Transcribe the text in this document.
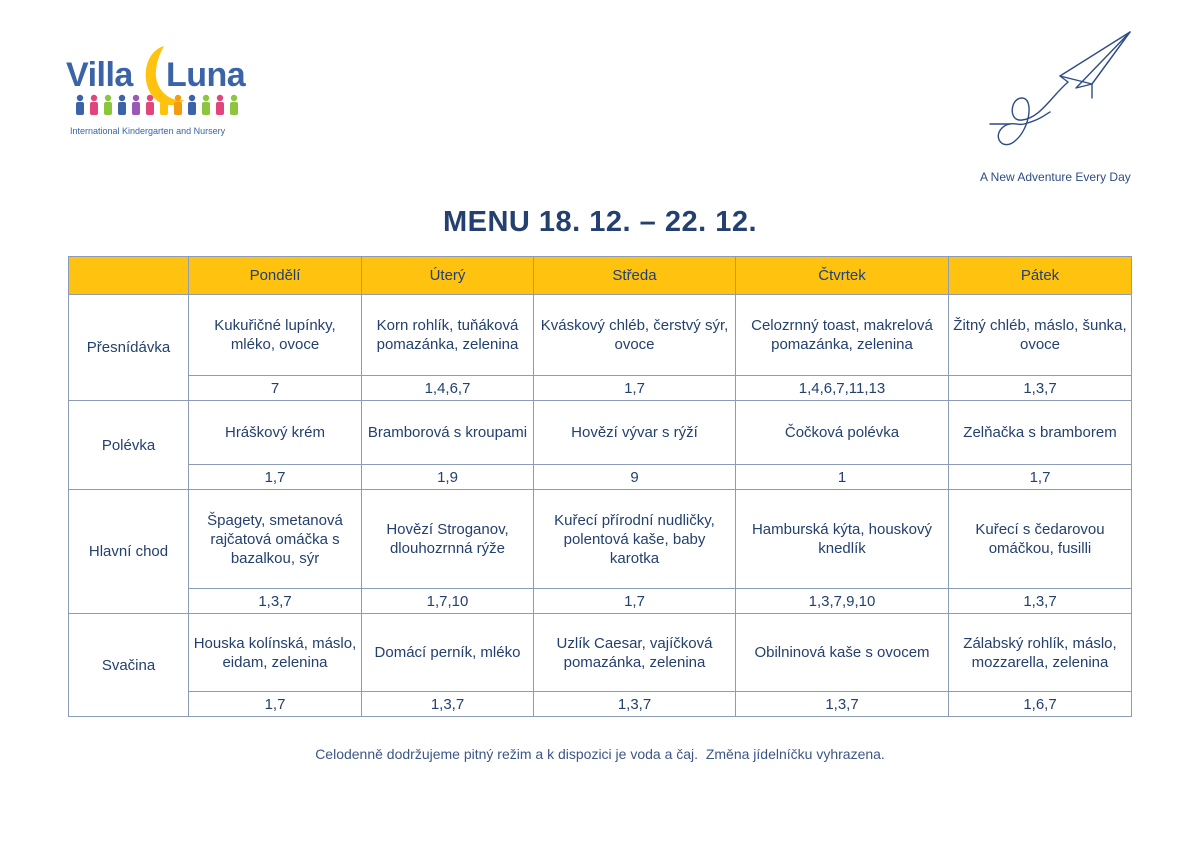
Villa Luna
International Kindergarten and Nursery
A New Adventure Every Day
MENU 18. 12. – 22. 12.
	Pondělí	Úterý	Středa	Čtvrtek	Pátek
Přesnídávka	Kukuřičné lupínky, mléko, ovoce	Korn rohlík, tuňáková pomazánka, zelenina	Kváskový chléb, čerstvý sýr, ovoce	Celozrnný toast, makrelová pomazánka, zelenina	Žitný chléb, máslo, šunka, ovoce
	7	1,4,6,7	1,7	1,4,6,7,11,13	1,3,7
Polévka	Hráškový krém	Bramborová s kroupami	Hovězí vývar s rýží	Čočková polévka	Zelňačka s bramborem
	1,7	1,9	9	1	1,7
Hlavní chod	Špagety, smetanová rajčatová omáčka s bazalkou, sýr	Hovězí Stroganov, dlouhozrnná rýže	Kuřecí přírodní nudličky, polentová kaše, baby karotka	Hamburská kýta, houskový knedlík	Kuřecí s čedarovou omáčkou, fusilli
	1,3,7	1,7,10	1,7	1,3,7,9,10	1,3,7
Svačina	Houska kolínská, máslo, eidam, zelenina	Domácí perník, mléko	Uzlík Caesar, vajíčková pomazánka, zelenina	Obilninová kaše s ovocem	Zálabský rohlík, máslo, mozzarella, zelenina
	1,7	1,3,7	1,3,7	1,3,7	1,6,7
Celodenně dodržujeme pitný režim a k dispozici je voda a čaj.  Změna jídelníčku vyhrazena.
